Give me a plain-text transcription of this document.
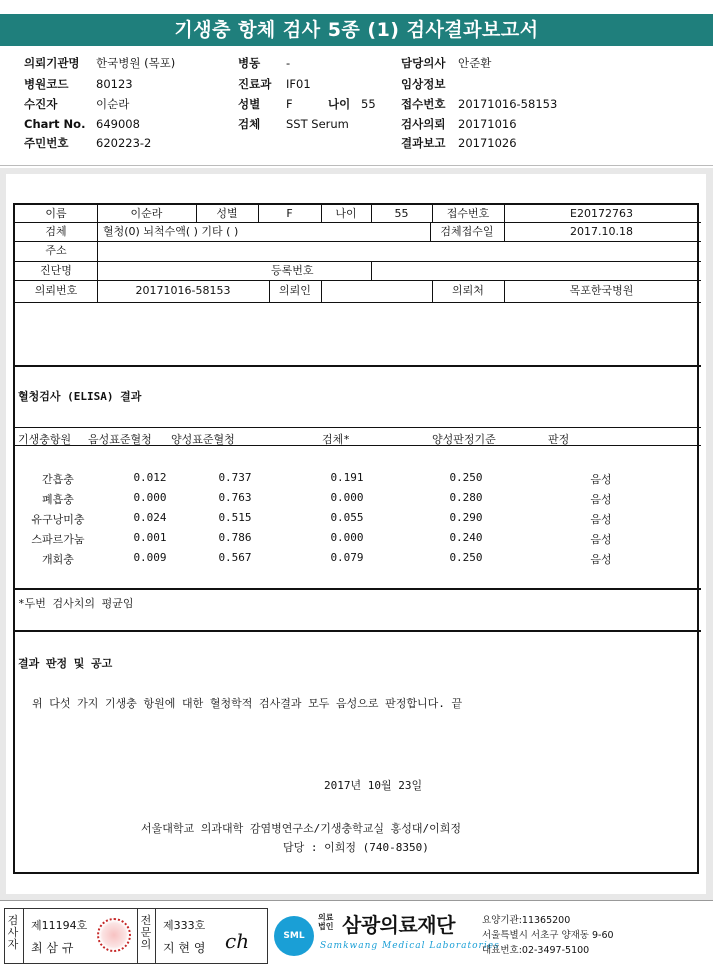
기생충 항체 검사 5종 (1) 검사결과보고서
의뢰기관명 한국병원 (목포)	병동 -	담당의사 안준환
병원코드 80123	진료과 IF01	임상정보
수진자	이순라	성별 F	나이 55 접수번호 20171016-58153
Chart No. 649008	검체 SST Serum	검사의뢰 20171016
주민번호 620223-2	결과보고 20171026
이름	이순라	성별	F	나이	55	접수번호	E20172763
검체	혈청(0) 뇌척수액( ) 기타 ( )	검체접수일	2017.10.18
주소
진단명	등록번호
의뢰번호	20171016-58153	의뢰인	의뢰처	목포한국병원
혈청검사 (ELISA) 결과
기생충항원 음성표준혈청 양성표준혈청	검체*	양성판정기준	판정
간흡충	0.012	0.737	0.191	0.250	음성
폐흡충	0.000	0.763	0.000	0.280	음성
유구낭미충	0.024	0.515	0.055	0.290	음성
스파르가눔	0.001	0.786	0.000	0.240	음성
개회충	0.009	0.567	0.079	0.250	음성
*두번 검사치의 평균임
결과 판정 및 공고
위 다섯 가지 기생충 항원에 대한 혈청학적 검사결과 모두 음성으로 판정합니다. 끝
2017년 10월 23일
서울대학교 의과대학 감염병연구소/기생충학교실 홍성대/이희정
담당 : 이희정 (740-8350)
검사자
제11194호
최 삼 규
전문의
제333호
지 현 영 ch	SML
의료법인 삼광의료재단
Samkwang Medical Laboratories
요양기관:11365200
서울특별시 서초구 양재동 9-60
대표번호:02-3497-5100
